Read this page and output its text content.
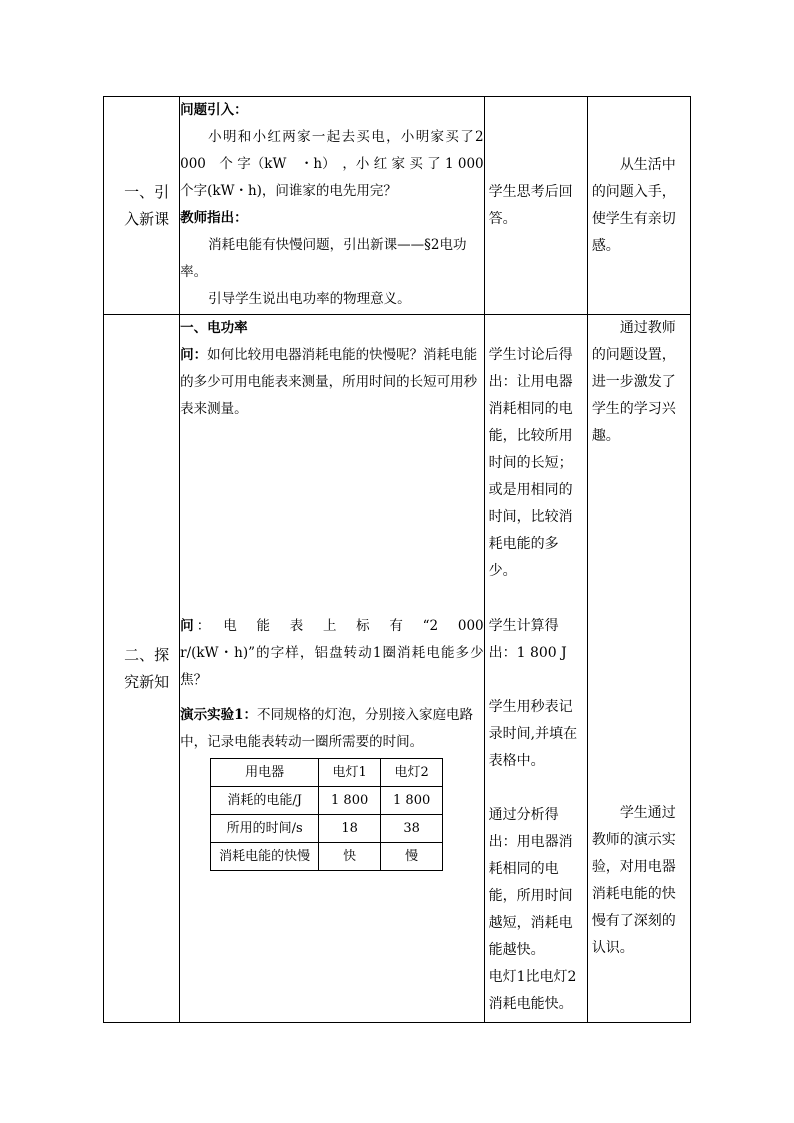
一、引入新课

问题引入：
小明和小红两家一起去买电，小明家买了2 000　个 字（kW　・h）　，小 红 家 买 了 1 000个字(kW・h)，问谁家的电先用完？
教师指出：
消耗电能有快慢问题，引出新课——§2电功率。
引导学生说出电功率的物理意义。

学生思考后回答。

从生活中的问题入手，使学生有亲切感。

二、探究新知

一、电功率
问：如何比较用电器消耗电能的快慢呢？消耗电能的多少可用电能表来测量，所用时间的长短可用秒表来测量。
问：　电　能　表　上　标　有　“2　000 r/(kW・h)”的字样，铝盘转动1圈消耗电能多少焦？
演示实验1：不同规格的灯泡，分别接入家庭电路中，记录电能表转动一圈所需要的时间。
用电器	电灯1	电灯2
消耗的电能/J	1 800	1 800
所用的时间/s	18	38
消耗电能的快慢	快	慢

学生讨论后得出：让用电器消耗相同的电能，比较所用时间的长短；或是用相同的时间，比较消耗电能的多少。
学生计算得出：1 800 J
学生用秒表记录时间,并填在表格中。
通过分析得出：用电器消耗相同的电能，所用时间越短，消耗电能越快。
电灯1比电灯2消耗电能快。

通过教师的问题设置，进一步激发了学生的学习兴趣。
学生通过教师的演示实验，对用电器消耗电能的快慢有了深刻的认识。
